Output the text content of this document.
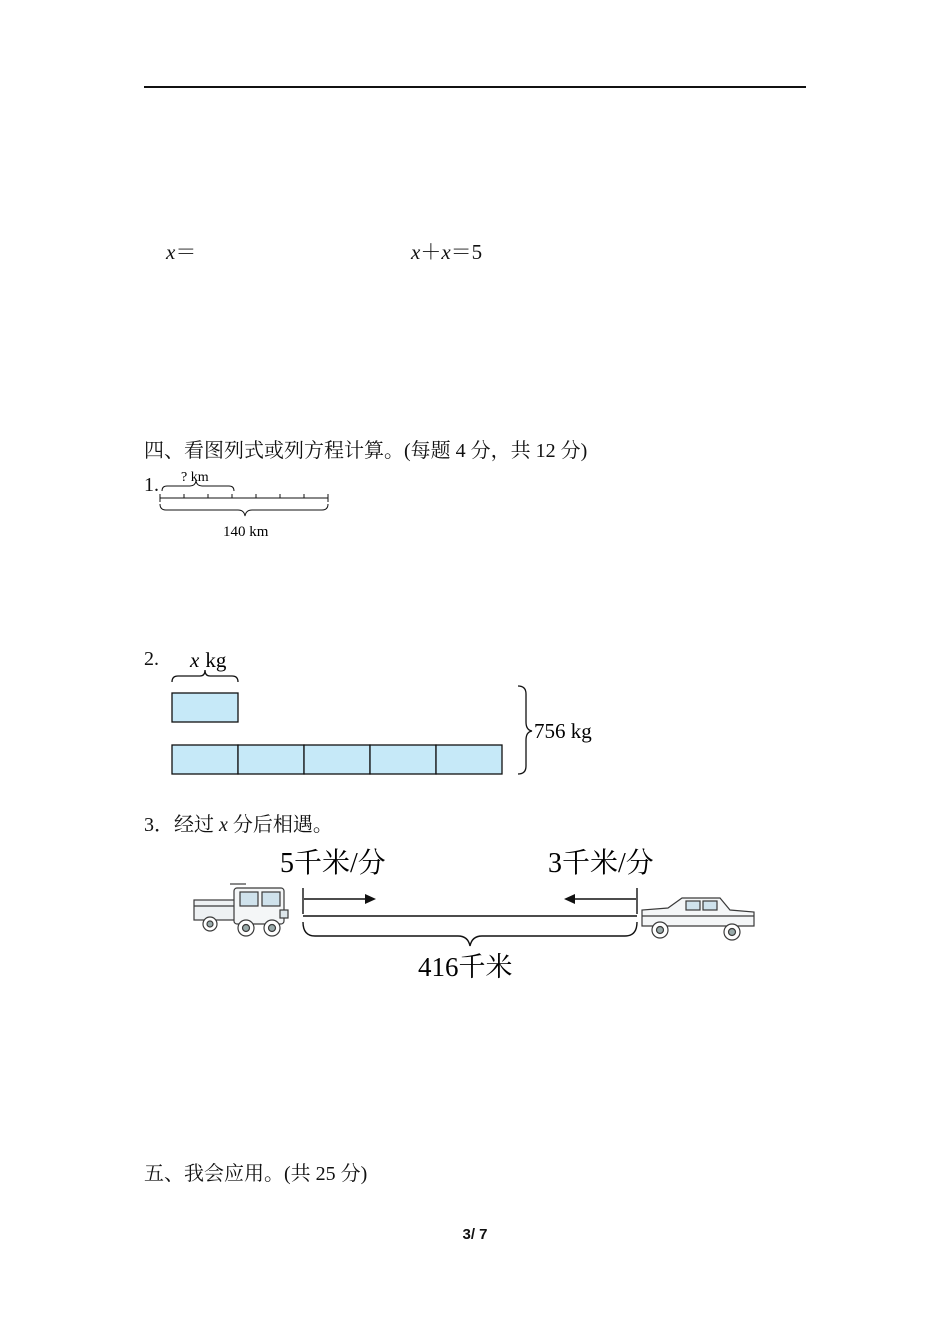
x＝	x＋x＝5
四、看图列式或列方程计算。(每题 4 分，共 12 分)
1. ? km
140 km
2. x kg
756 kg
3．经过 x 分后相遇。
5千米/分	3千米/分
416千米
五、我会应用。(共 25 分)
3/ 7
